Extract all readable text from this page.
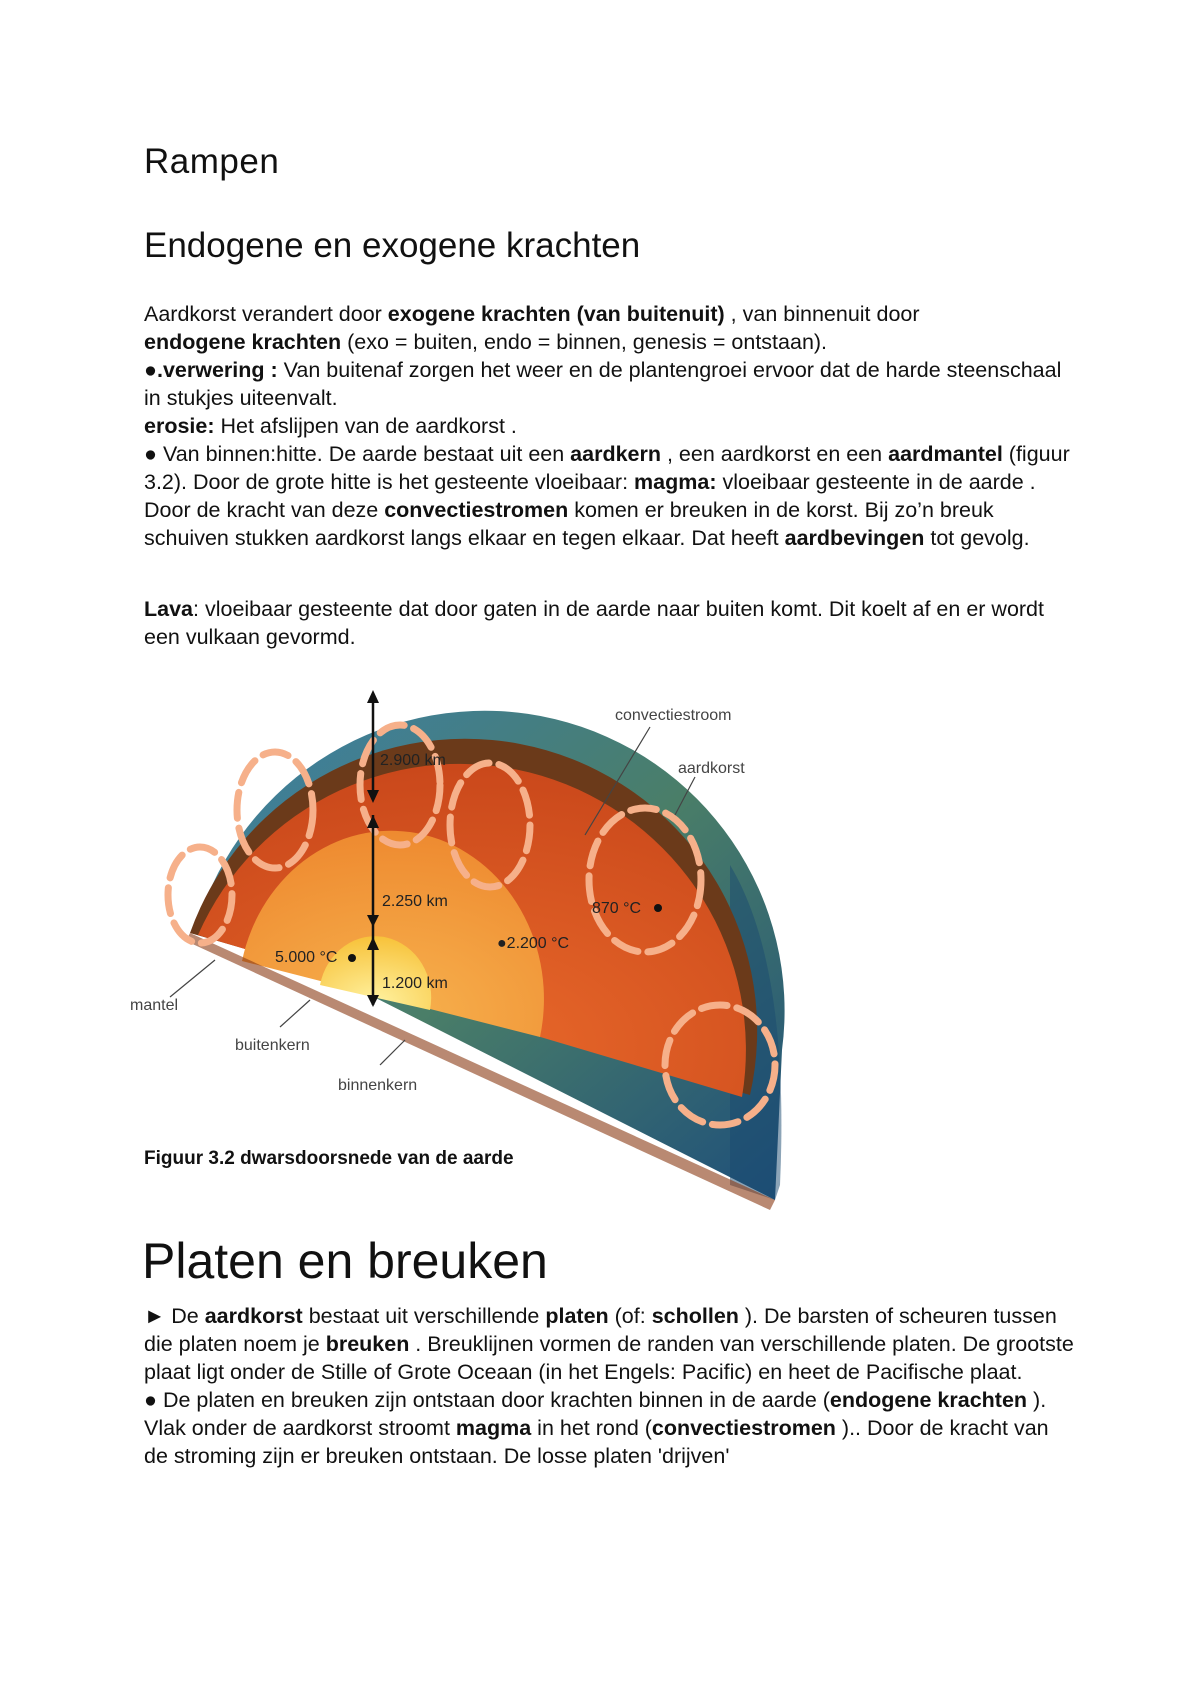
Rampen
Endogene en exogene krachten

Aardkorst verandert door exogene krachten (van buitenuit) , van binnenuit door
endogene krachten (exo = buiten, endo = binnen, genesis = ontstaan).
●.verwering : Van buitenaf zorgen het weer en de plantengroei ervoor dat de harde steenschaal in stukjes uiteenvalt.
erosie: Het afslijpen van de aardkorst .
● Van binnen:hitte. De aarde bestaat uit een aardkern , een aardkorst en een aardmantel (figuur 3.2). Door de grote hitte is het gesteente vloeibaar: magma: vloeibaar gesteente in de aarde . Door de kracht van deze convectiestromen komen er breuken in de korst. Bij zo’n breuk schuiven stukken aardkorst langs elkaar en tegen elkaar. Dat heeft aardbevingen tot gevolg.

Lava: vloeibaar gesteente dat door gaten in de aarde naar buiten komt. Dit koelt af en er wordt een vulkaan gevormd.

convectiestroom
aardkorst
2.900 km
2.250 km
1.200 km
870 °C
●2.200 °C
5.000 °C
mantel
buitenkern
binnenkern

Figuur 3.2 dwarsdoorsnede van de aarde

Platen en breuken

► De aardkorst bestaat uit verschillende platen (of: schollen ). De barsten of scheuren tussen die platen noem je breuken . Breuklijnen vormen de randen van verschillende platen. De grootste plaat ligt onder de Stille of Grote Oceaan (in het Engels: Pacific) en heet de Pacifische plaat.
● De platen en breuken zijn ontstaan door krachten binnen in de aarde (endogene krachten ). Vlak onder de aardkorst stroomt magma in het rond (convectiestromen ).. Door de kracht van de stroming zijn er breuken ontstaan. De losse platen 'drijven'
